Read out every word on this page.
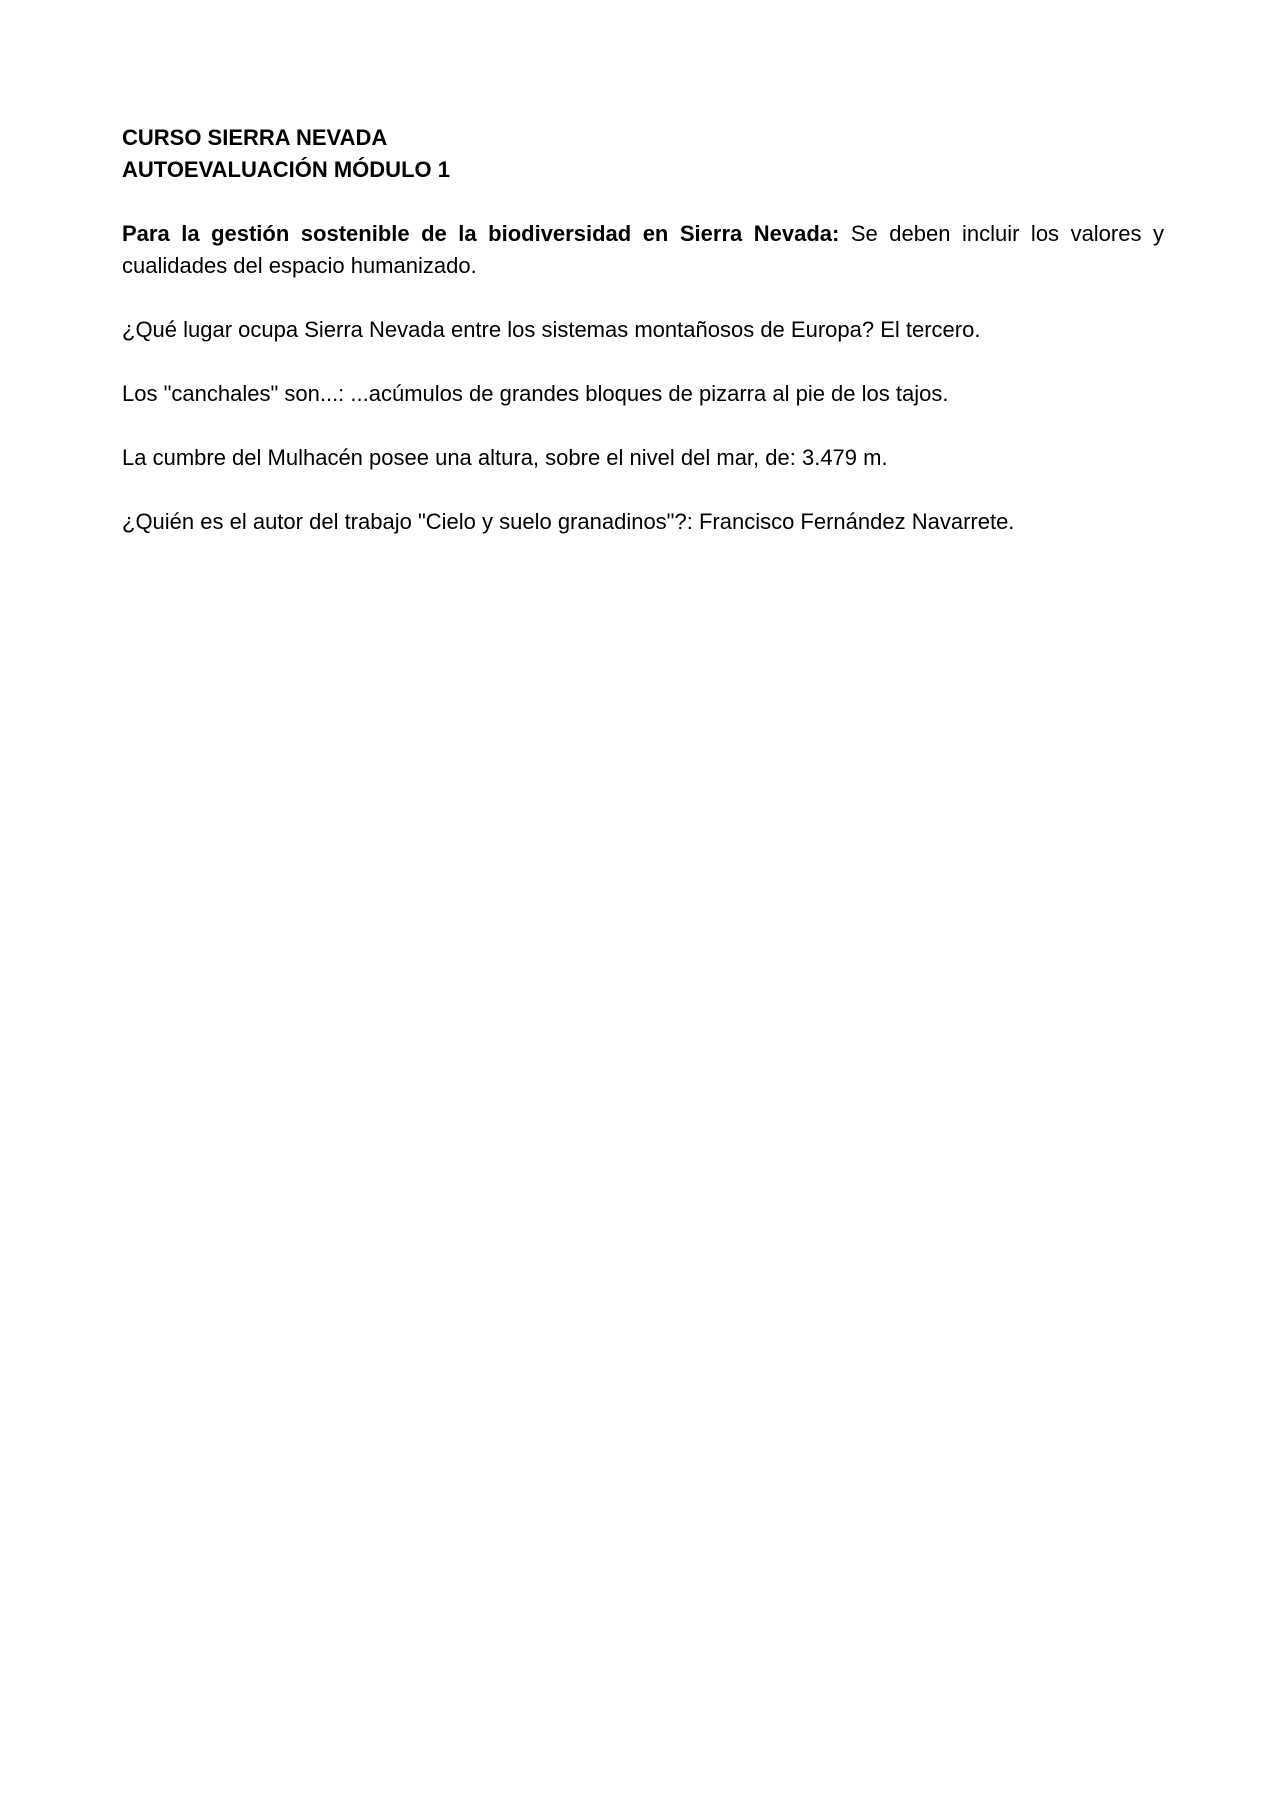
CURSO SIERRA NEVADA
AUTOEVALUACIÓN MÓDULO 1

Para la gestión sostenible de la biodiversidad en Sierra Nevada: Se deben incluir los valores y cualidades del espacio humanizado.

¿Qué lugar ocupa Sierra Nevada entre los sistemas montañosos de Europa? El tercero.

Los "canchales" son...: ...acúmulos de grandes bloques de pizarra al pie de los tajos.

La cumbre del Mulhacén posee una altura, sobre el nivel del mar, de: 3.479 m.

¿Quién es el autor del trabajo "Cielo y suelo granadinos"?: Francisco Fernández Navarrete.
